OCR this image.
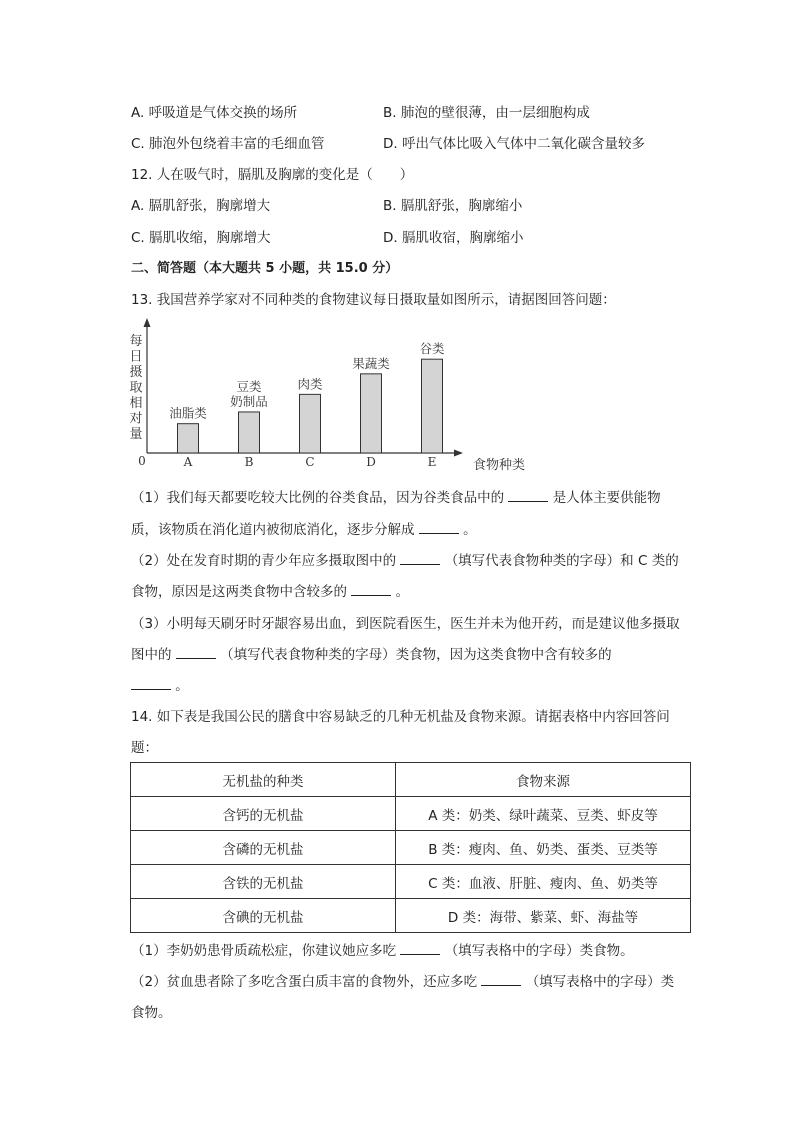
A. 呼吸道是气体交换的场所	B. 肺泡的壁很薄，由一层细胞构成
C. 肺泡外包绕着丰富的毛细血管	D. 呼出气体比吸入气体中二氧化碳含量较多
12. 人在吸气时，膈肌及胸廓的变化是（　　）
A. 膈肌舒张，胸廓增大	B. 膈肌舒张，胸廓缩小
C. 膈肌收缩，胸廓增大	D. 膈肌收宿，胸廓缩小
二、简答题（本大题共 5 小题，共 15.0 分）
13. 我国营养学家对不同种类的食物建议每日摄取量如图所示，请据图回答问题：
每
日
摄
取
相
对
量
0	食物种类
A
油脂类
B
豆类
奶制品
C
肉类
D
果蔬类
E
谷类
（1）我们每天都要吃较大比例的谷类食品，因为谷类食品中的	是人体主要供能物
质，该物质在消化道内被彻底消化，逐步分解成	。
（2）处在发育时期的青少年应多摄取图中的	（填写代表食物种类的字母）和 C 类的
食物，原因是这两类食物中含较多的	。
（3）小明每天刷牙时牙龈容易出血，到医院看医生，医生并未为他开药，而是建议他多摄取
图中的	（填写代表食物种类的字母）类食物，因为这类食物中含有较多的
。
14. 如下表是我国公民的膳食中容易缺乏的几种无机盐及食物来源。请据表格中内容回答问
题：
无机盐的种类	食物来源
含钙的无机盐	A 类：奶类、绿叶蔬菜、豆类、虾皮等
含磷的无机盐	B 类：瘦肉、鱼、奶类、蛋类、豆类等
含铁的无机盐	C 类：血液、肝脏、瘦肉、鱼、奶类等
含碘的无机盐	D 类：海带、紫菜、虾、海盐等
（1）李奶奶患骨质疏松症，你建议她应多吃	（填写表格中的字母）类食物。
（2）贫血患者除了多吃含蛋白质丰富的食物外，还应多吃	（填写表格中的字母）类
食物。
